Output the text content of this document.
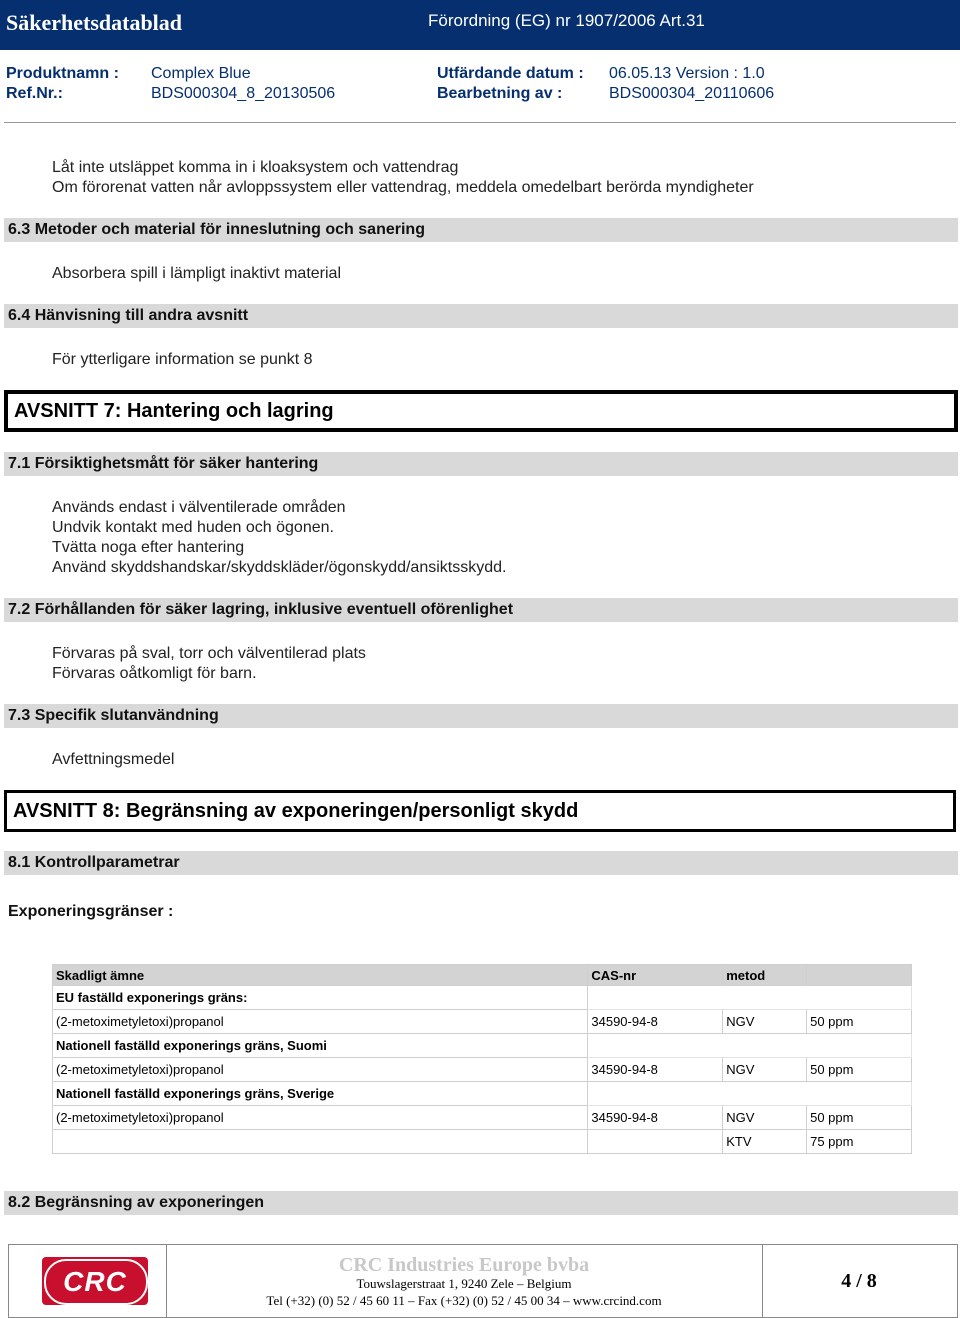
Säkerhetsdatablad	Förordning (EG) nr 1907/2006 Art.31
Produktnamn : Complex Blue	Utfärdande datum : 06.05.13 Version : 1.0
Ref.Nr.:	BDS000304_8_20130506	Bearbetning av :	BDS000304_20110606
Låt inte utsläppet komma in i kloaksystem och vattendrag
Om förorenat vatten når avloppssystem eller vattendrag, meddela omedelbart berörda myndigheter
6.3 Metoder och material för inneslutning och sanering
Absorbera spill i lämpligt inaktivt material
6.4 Hänvisning till andra avsnitt
För ytterligare information se punkt 8
AVSNITT 7: Hantering och lagring
7.1 Försiktighetsmått för säker hantering
Används endast i välventilerade områden
Undvik kontakt med huden och ögonen.
Tvätta noga efter hantering
Använd skyddshandskar/skyddskläder/ögonskydd/ansiktsskydd.
7.2 Förhållanden för säker lagring, inklusive eventuell oförenlighet
Förvaras på sval, torr och välventilerad plats
Förvaras oåtkomligt för barn.
7.3 Specifik slutanvändning
Avfettningsmedel
AVSNITT 8: Begränsning av exponeringen/personligt skydd
8.1 Kontrollparametrar
Exponeringsgränser :
Skadligt ämne	CAS-nr	metod	
EU faställd exponerings gräns:			
(2-metoximetyletoxi)propanol	34590-94-8	NGV	50 ppm
Nationell faställd exponerings gräns, Suomi			
(2-metoximetyletoxi)propanol	34590-94-8	NGV	50 ppm
Nationell faställd exponerings gräns, Sverige			
(2-metoximetyletoxi)propanol	34590-94-8	NGV	50 ppm
		KTV	75 ppm
8.2 Begränsning av exponeringen
CRC
CRC Industries Europe bvba
Touwslagerstraat 1, 9240 Zele – Belgium
Tel (+32) (0) 52 / 45 60 11 – Fax (+32) (0) 52 / 45 00 34 – www.crcind.com
4 / 8
